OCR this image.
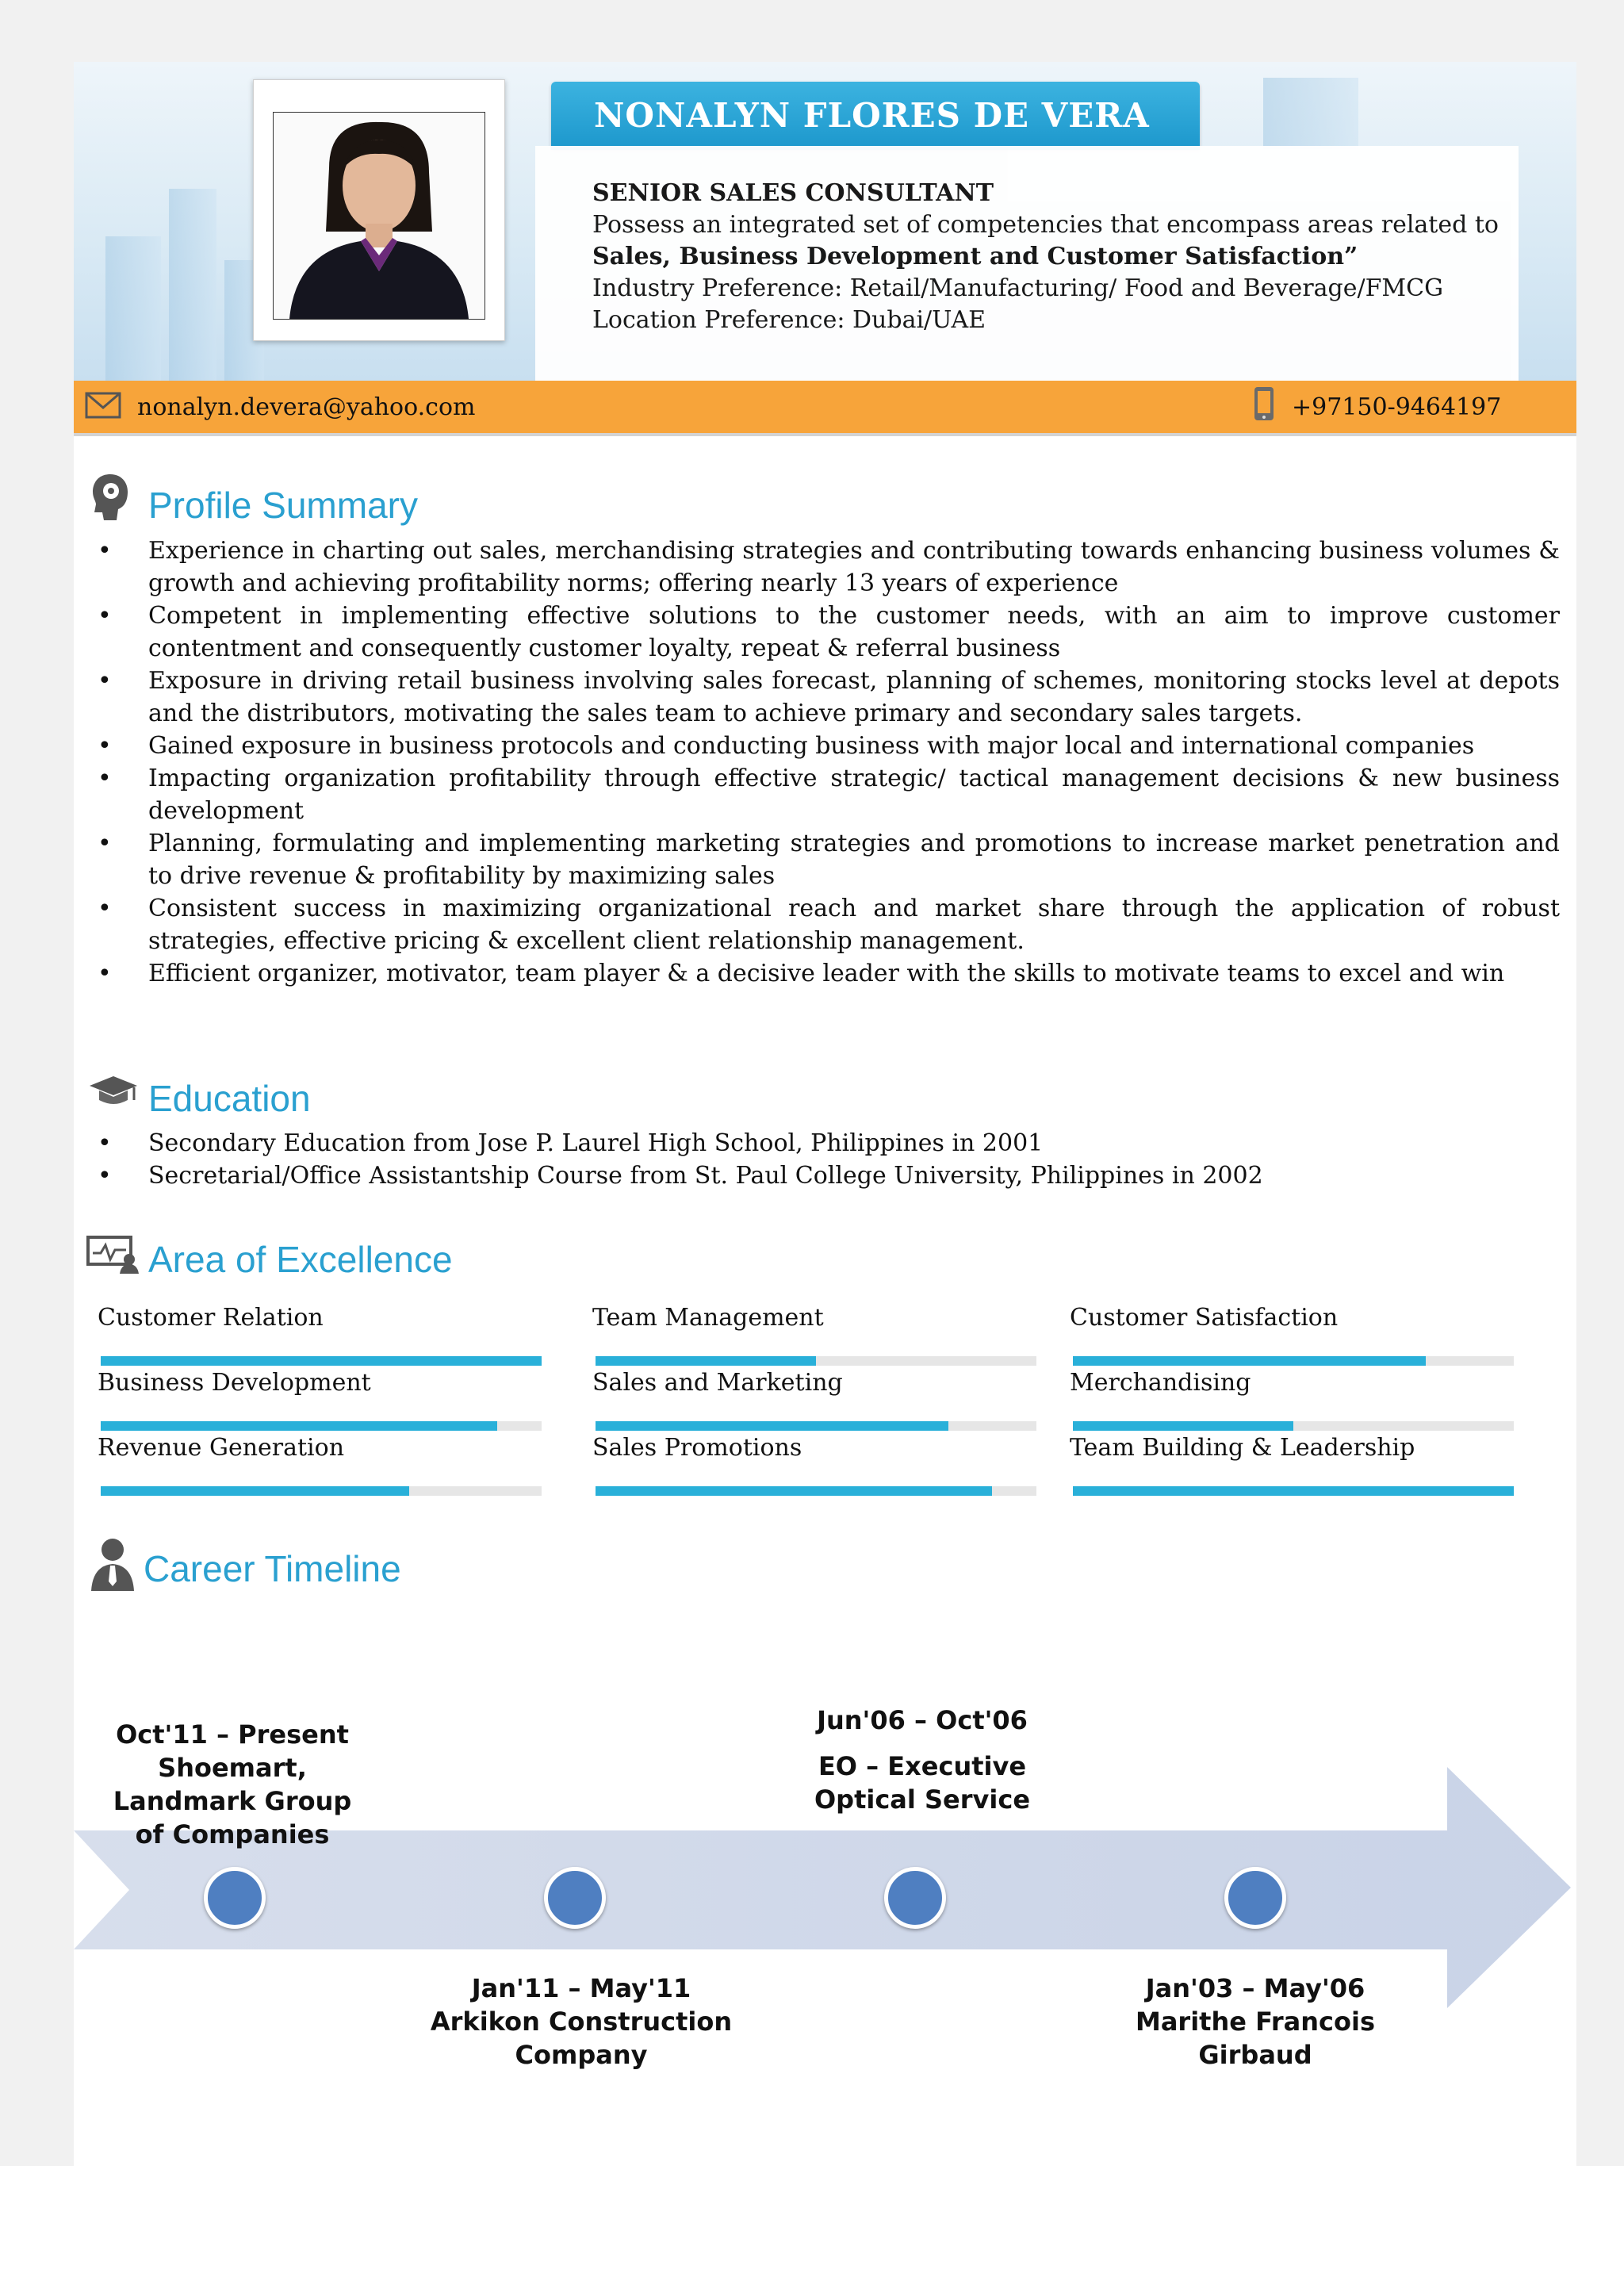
NONALYN FLORES DE VERA
SENIOR SALES CONSULTANT
Possess an integrated set of competencies that encompass areas related to
Sales, Business Development and Customer Satisfaction”
Industry Preference: Retail/Manufacturing/ Food and Beverage/FMCG
Location Preference: Dubai/UAE
nonalyn.devera@yahoo.com	+97150-9464197
Profile Summary
• Experience in charting out sales, merchandising strategies and contributing towards enhancing business volumes & growth and achieving profitability norms; offering nearly 13 years of experience
• Competent in implementing effective solutions to the customer needs, with an aim to improve customer contentment and consequently customer loyalty, repeat & referral business
• Exposure in driving retail business involving sales forecast, planning of schemes, monitoring stocks level at depots and the distributors, motivating the sales team to achieve primary and secondary sales targets.
• Gained exposure in business protocols and conducting business with major local and international companies
• Impacting organization profitability through effective strategic/ tactical management decisions & new business development
• Planning, formulating and implementing marketing strategies and promotions to increase market penetration and to drive revenue & profitability by maximizing sales
• Consistent success in maximizing organizational reach and market share through the application of robust strategies, effective pricing & excellent client relationship management.
• Efficient organizer, motivator, team player & a decisive leader with the skills to motivate teams to excel and win
Education
• Secondary Education from Jose P. Laurel High School, Philippines in 2001
• Secretarial/Office Assistantship Course from St. Paul College University, Philippines in 2002
Area of Excellence
Customer Relation	Team Management	Customer Satisfaction
Business Development	Sales and Marketing	Merchandising
Revenue Generation	Sales Promotions	Team Building & Leadership
Career Timeline
Oct'11 – Present
Shoemart, Landmark Group of Companies
Jan'11 – May'11
Arkikon Construction Company
Jun'06 – Oct'06
EO – Executive Optical Service
Jan'03 – May'06
Marithe Francois Girbaud
